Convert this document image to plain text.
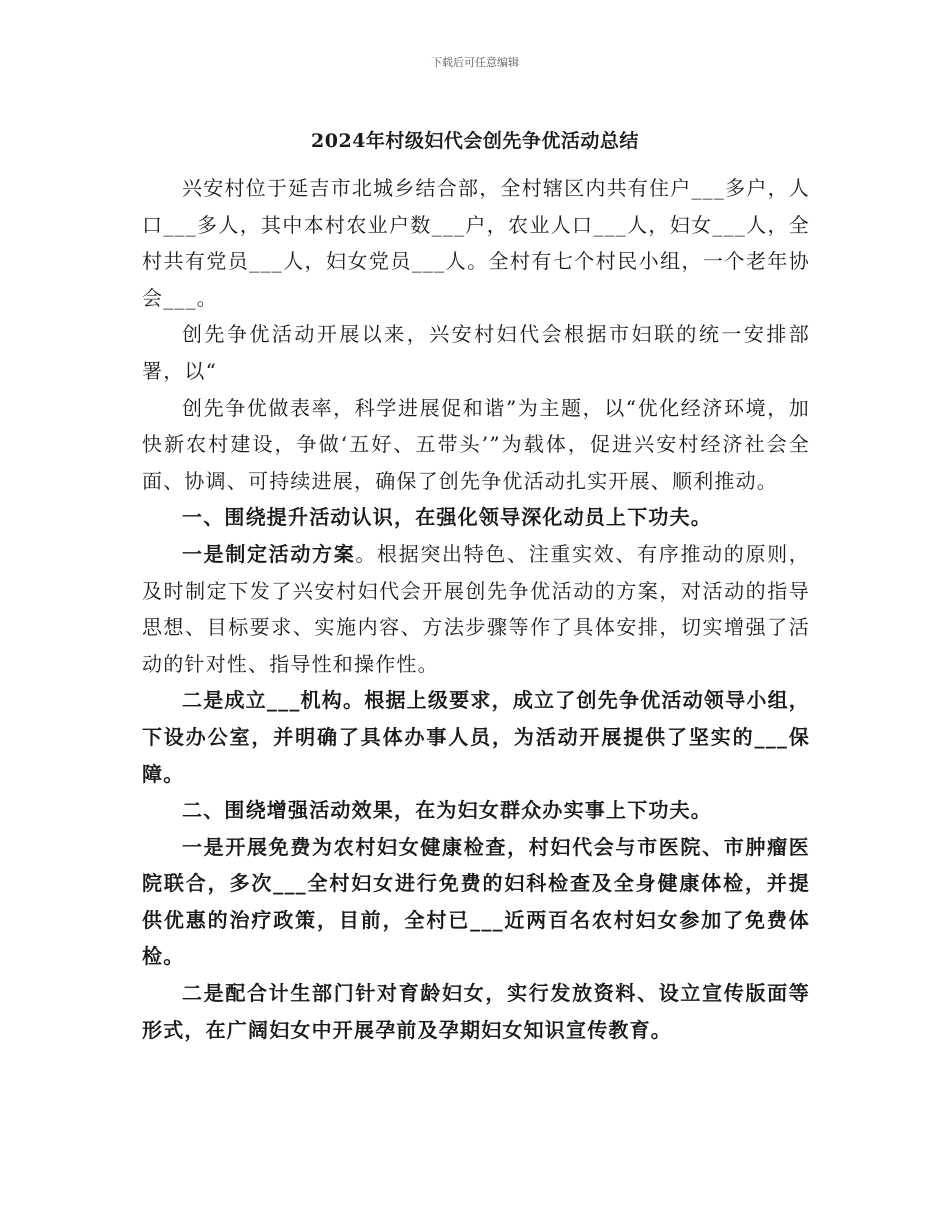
下载后可任意编辑
2024年村级妇代会创先争优活动总结

兴安村位于延吉市北城乡结合部，全村辖区内共有住户___多户，人口___多人，其中本村农业户数___户，农业人口___人，妇女___人，全村共有党员___人，妇女党员___人。全村有七个村民小组，一个老年协会___。

创先争优活动开展以来，兴安村妇代会根据市妇联的统一安排部署，以“

创先争优做表率，科学进展促和谐”为主题，以“优化经济环境，加快新农村建设，争做‘五好、五带头’”为载体，促进兴安村经济社会全面、协调、可持续进展，确保了创先争优活动扎实开展、顺利推动。

一、围绕提升活动认识，在强化领导深化动员上下功夫。

一是制定活动方案。根据突出特色、注重实效、有序推动的原则，及时制定下发了兴安村妇代会开展创先争优活动的方案，对活动的指导思想、目标要求、实施内容、方法步骤等作了具体安排，切实增强了活动的针对性、指导性和操作性。

二是成立___机构。根据上级要求，成立了创先争优活动领导小组，下设办公室，并明确了具体办事人员，为活动开展提供了坚实的___保障。

二、围绕增强活动效果，在为妇女群众办实事上下功夫。

一是开展免费为农村妇女健康检查，村妇代会与市医院、市肿瘤医院联合，多次___全村妇女进行免费的妇科检查及全身健康体检，并提供优惠的治疗政策，目前，全村已___近两百名农村妇女参加了免费体检。

二是配合计生部门针对育龄妇女，实行发放资料、设立宣传版面等形式，在广阔妇女中开展孕前及孕期妇女知识宣传教育。
